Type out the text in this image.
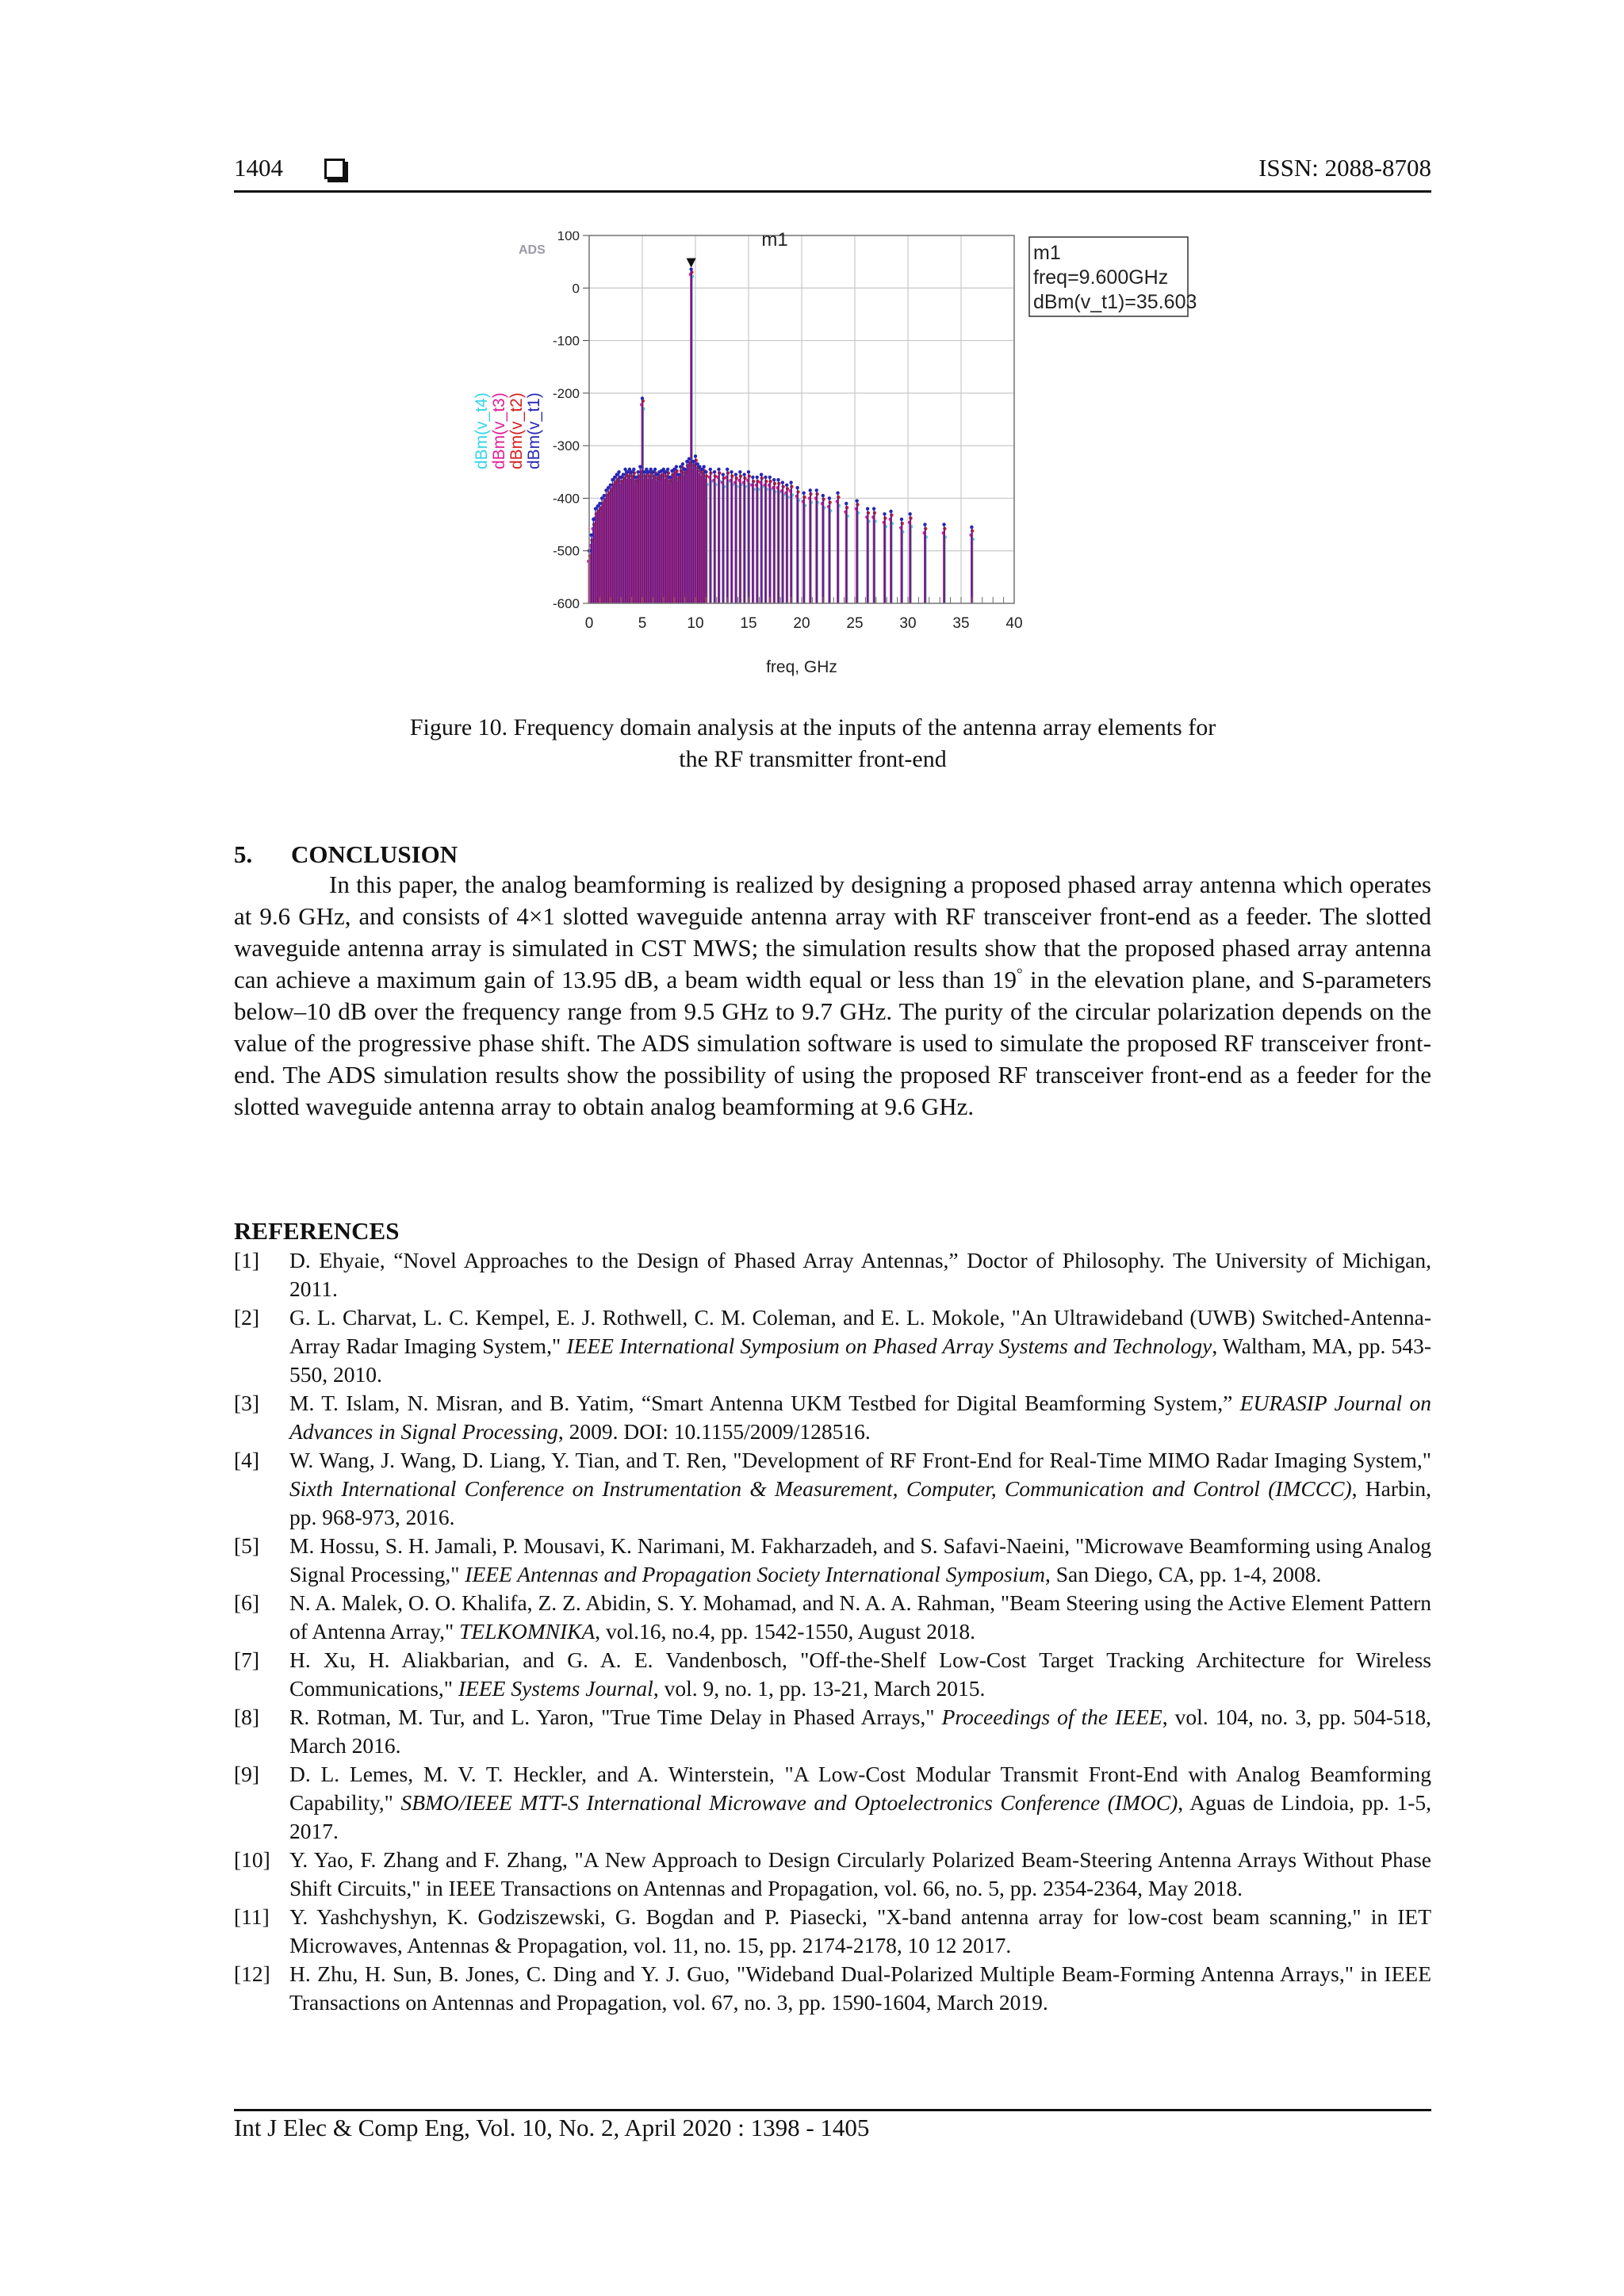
1404	ISSN: 2088-8708
ADS
0	5	10 15 20 25 30 35 40
100
0
-100
-200
-300
-400
-500
-600
m1
m1
freq=9.600GHz
dBm(v_t1)=35.603
dBm(v_t4) dBm(v_t3) dBm(v_t2) dBm(v_t1)
freq, GHz
Figure 10. Frequency domain analysis at the inputs of the antenna array elements for
the RF transmitter front-end
5. CONCLUSION
In this paper, the analog beamforming is realized by designing a proposed phased array antenna which operates at 9.6 GHz, and consists of 4×1 slotted waveguide antenna array with RF transceiver front-end as a feeder. The slotted waveguide antenna array is simulated in CST MWS; the simulation results show that the proposed phased array antenna can achieve a maximum gain of 13.95 dB, a beam width equal or less than 19° in the elevation plane, and S-parameters below–10 dB over the frequency range from 9.5 GHz to 9.7 GHz. The purity of the circular polarization depends on the value of the progressive phase shift. The ADS simulation software is used to simulate the proposed RF transceiver front-end. The ADS simulation results show the possibility of using the proposed RF transceiver front-end as a feeder for the slotted waveguide antenna array to obtain analog beamforming at 9.6 GHz.
REFERENCES
[1]	D. Ehyaie, “Novel Approaches to the Design of Phased Array Antennas,” Doctor of Philosophy. The University of Michigan, 2011.
[2]	G. L. Charvat, L. C. Kempel, E. J. Rothwell, C. M. Coleman, and E. L. Mokole, "An Ultrawideband (UWB) Switched-Antenna-Array Radar Imaging System," IEEE International Symposium on Phased Array Systems and Technology, Waltham, MA, pp. 543-550, 2010.
[3]	M. T. Islam, N. Misran, and B. Yatim, “Smart Antenna UKM Testbed for Digital Beamforming System,” EURASIP Journal on Advances in Signal Processing, 2009. DOI: 10.1155/2009/128516.
[4]	W. Wang, J. Wang, D. Liang, Y. Tian, and T. Ren, "Development of RF Front-End for Real-Time MIMO Radar Imaging System," Sixth International Conference on Instrumentation & Measurement, Computer, Communication and Control (IMCCC), Harbin, pp. 968-973, 2016.
[5]	M. Hossu, S. H. Jamali, P. Mousavi, K. Narimani, M. Fakharzadeh, and S. Safavi-Naeini, "Microwave Beamforming using Analog Signal Processing," IEEE Antennas and Propagation Society International Symposium, San Diego, CA, pp. 1-4, 2008.
[6]	N. A. Malek, O. O. Khalifa, Z. Z. Abidin, S. Y. Mohamad, and N. A. A. Rahman, "Beam Steering using the Active Element Pattern of Antenna Array," TELKOMNIKA, vol.16, no.4, pp. 1542-1550, August 2018.
[7]	H. Xu, H. Aliakbarian, and G. A. E. Vandenbosch, "Off-the-Shelf Low-Cost Target Tracking Architecture for Wireless Communications," IEEE Systems Journal, vol. 9, no. 1, pp. 13-21, March 2015.
[8]	R. Rotman, M. Tur, and L. Yaron, "True Time Delay in Phased Arrays," Proceedings of the IEEE, vol. 104, no. 3, pp. 504-518, March 2016.
[9]	D. L. Lemes, M. V. T. Heckler, and A. Winterstein, "A Low-Cost Modular Transmit Front-End with Analog Beamforming Capability," SBMO/IEEE MTT-S International Microwave and Optoelectronics Conference (IMOC), Aguas de Lindoia, pp. 1-5, 2017.
[10] Y. Yao, F. Zhang and F. Zhang, "A New Approach to Design Circularly Polarized Beam-Steering Antenna Arrays Without Phase Shift Circuits," in IEEE Transactions on Antennas and Propagation, vol. 66, no. 5, pp. 2354-2364, May 2018.
[11] Y. Yashchyshyn, K. Godziszewski, G. Bogdan and P. Piasecki, "X-band antenna array for low-cost beam scanning," in IET Microwaves, Antennas & Propagation, vol. 11, no. 15, pp. 2174-2178, 10 12 2017.
[12] H. Zhu, H. Sun, B. Jones, C. Ding and Y. J. Guo, "Wideband Dual-Polarized Multiple Beam-Forming Antenna Arrays," in IEEE Transactions on Antennas and Propagation, vol. 67, no. 3, pp. 1590-1604, March 2019.
Int J Elec & Comp Eng, Vol. 10, No. 2, April 2020 : 1398 - 1405
